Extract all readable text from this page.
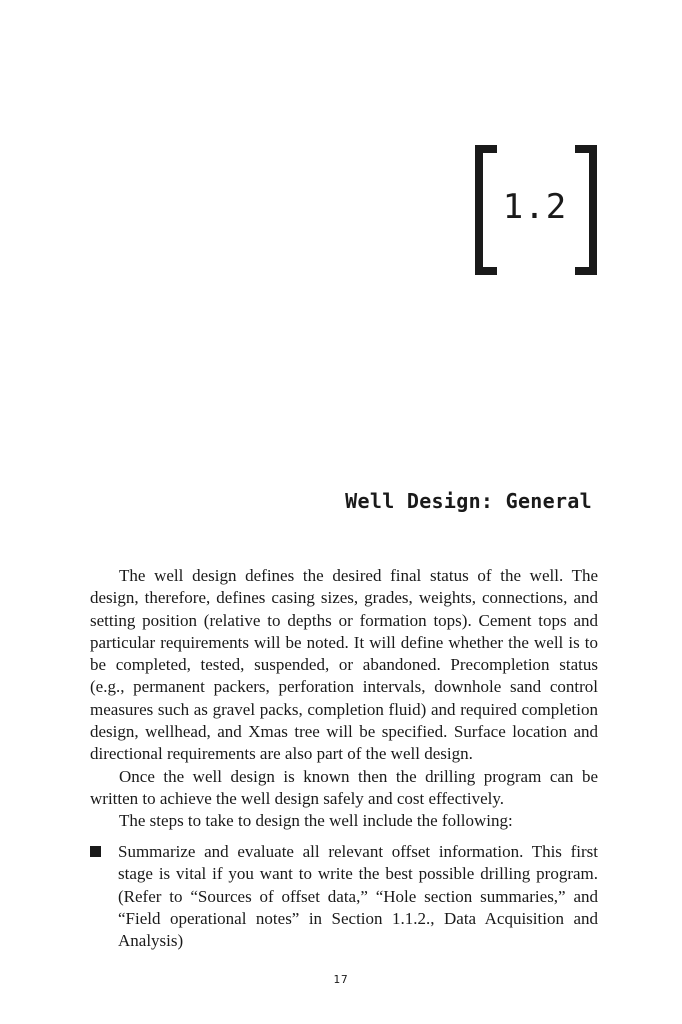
1.2
Well Design: General

The well design defines the desired final status of the well. The design, therefore, defines casing sizes, grades, weights, connections, and setting position (relative to depths or formation tops). Cement tops and particular requirements will be noted. It will define whether the well is to be completed, tested, suspended, or abandoned. Precompletion status (e.g., permanent packers, perforation intervals, downhole sand control measures such as gravel packs, completion fluid) and required completion design, wellhead, and Xmas tree will be specified. Surface location and directional requirements are also part of the well design.

Once the well design is known then the drilling program can be written to achieve the well design safely and cost effectively.

The steps to take to design the well include the following:

Summarize and evaluate all relevant offset information. This first stage is vital if you want to write the best possible drilling program. (Refer to “Sources of offset data,” “Hole section summaries,” and “Field operational notes” in Section 1.1.2., Data Acquisition and Analysis)
17
